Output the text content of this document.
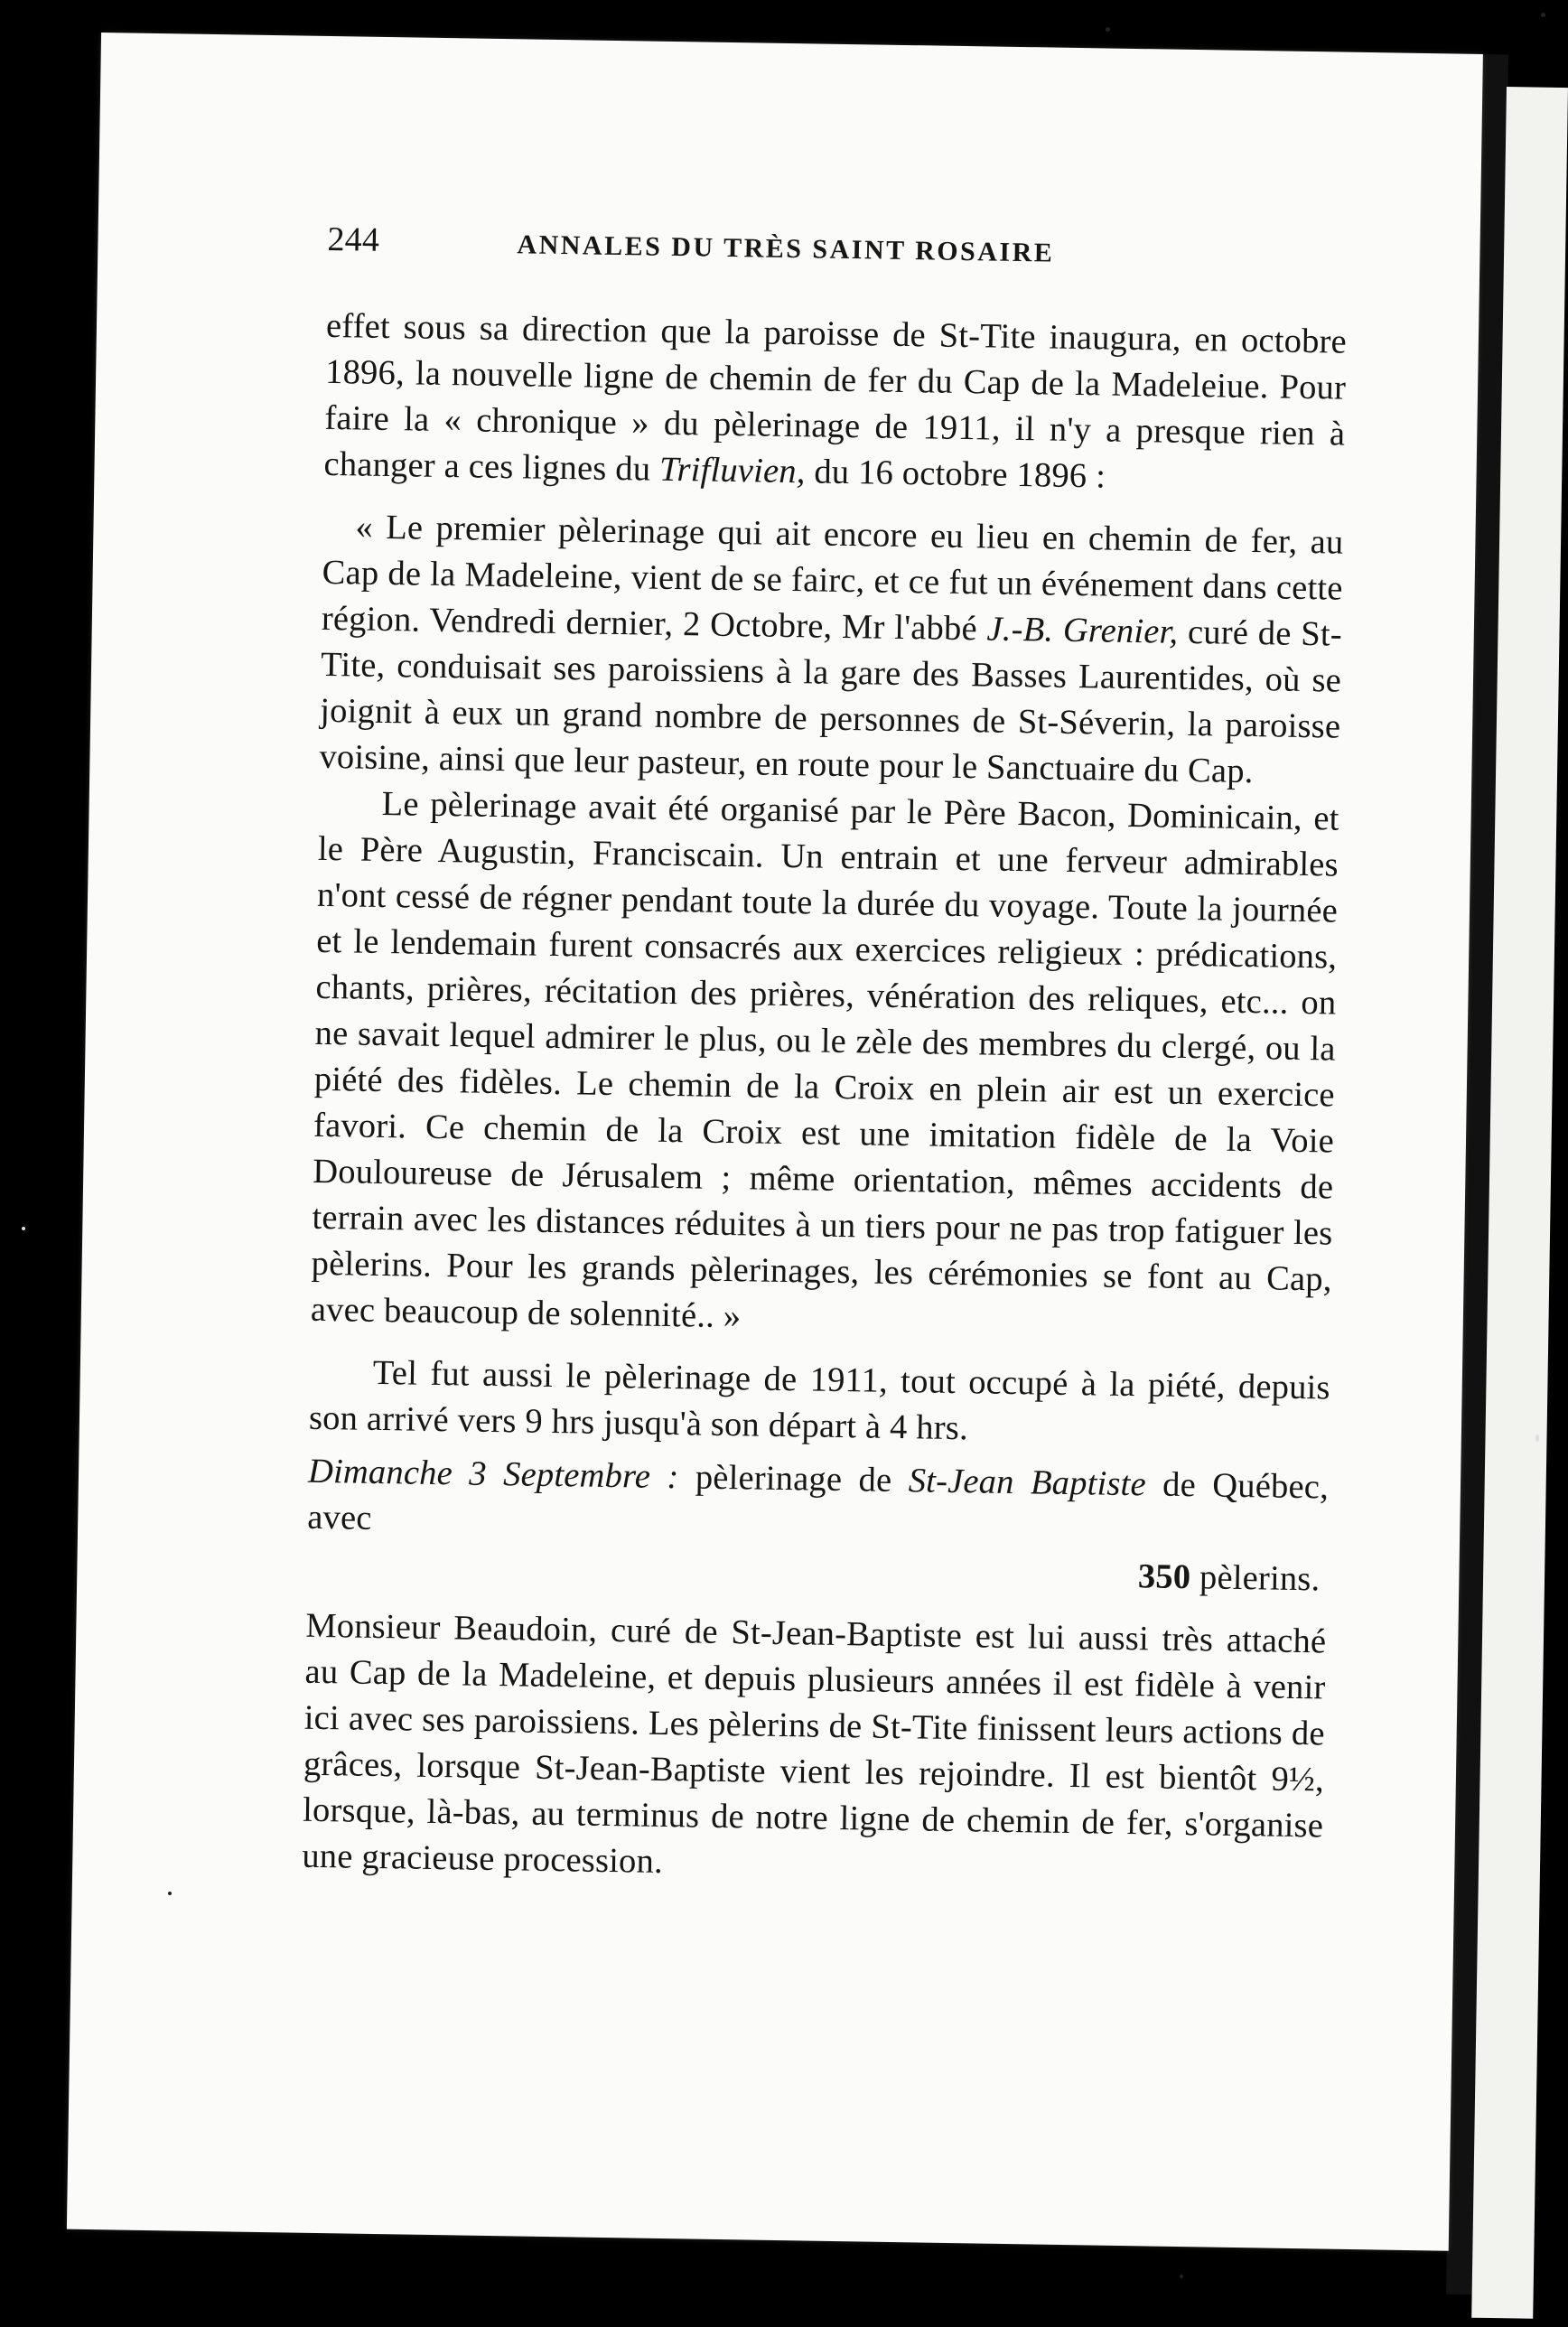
244	ANNALES DU TRÈS SAINT ROSAIRE

effet sous sa direction que la paroisse de St-Tite inaugura, en octobre 1896, la nouvelle ligne de chemin de fer du Cap de la Madeleiue. Pour faire la « chronique » du pèlerinage de 1911, il n'y a presque rien à changer a ces lignes du Trifluvien, du 16 octobre 1896 :

« Le premier pèlerinage qui ait encore eu lieu en chemin de fer, au Cap de la Madeleine, vient de se fairc, et ce fut un événement dans cette région. Vendredi dernier, 2 Octobre, Mr l'abbé J.-B. Grenier, curé de St-Tite, conduisait ses paroissiens à la gare des Basses Laurentides, où se joignit à eux un grand nombre de personnes de St-Séverin, la paroisse voisine, ainsi que leur pasteur, en route pour le Sanctuaire du Cap.

Le pèlerinage avait été organisé par le Père Bacon, Dominicain, et le Père Augustin, Franciscain. Un entrain et une ferveur admirables n'ont cessé de régner pendant toute la durée du voyage. Toute la journée et le lendemain furent consacrés aux exercices religieux : prédications, chants, prières, récitation des prières, vénération des reliques, etc... on ne savait lequel admirer le plus, ou le zèle des membres du clergé, ou la piété des fidèles. Le chemin de la Croix en plein air est un exercice favori. Ce chemin de la Croix est une imitation fidèle de la Voie Douloureuse de Jérusalem ; même orientation, mêmes accidents de terrain avec les distances réduites à un tiers pour ne pas trop fatiguer les pèlerins. Pour les grands pèlerinages, les cérémonies se font au Cap, avec beaucoup de solennité.. »

Tel fut aussi le pèlerinage de 1911, tout occupé à la piété, depuis son arrivé vers 9 hrs jusqu'à son départ à 4 hrs.

Dimanche 3 Septembre : pèlerinage de St-Jean Baptiste de Québec, avec

350 pèlerins.

Monsieur Beaudoin, curé de St-Jean-Baptiste est lui aussi très attaché au Cap de la Madeleine, et depuis plusieurs années il est fidèle à venir ici avec ses paroissiens. Les pèlerins de St-Tite finissent leurs actions de grâces, lorsque St-Jean-Baptiste vient les rejoindre. Il est bientôt 9½, lorsque, là-bas, au terminus de notre ligne de chemin de fer, s'organise une gracieuse procession.
